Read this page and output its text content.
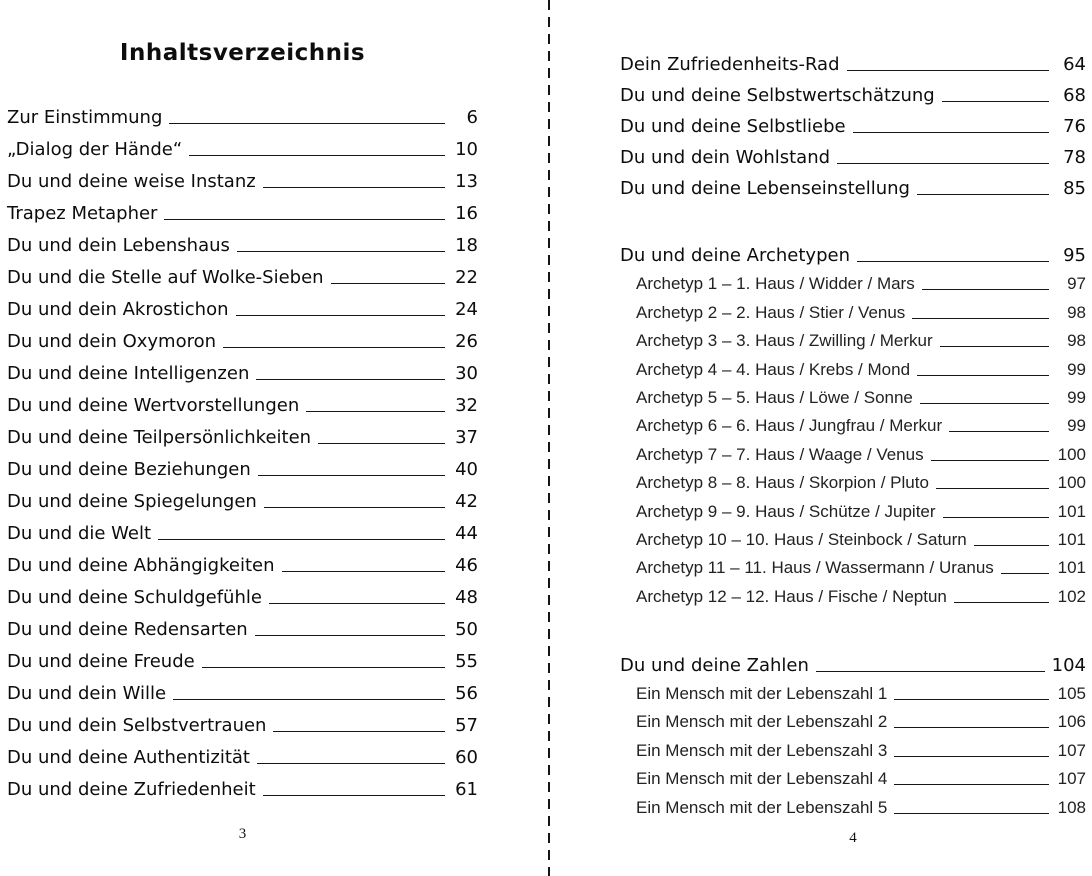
Inhaltsverzeichnis
Zur Einstimmung	6
„Dialog der Hände“	10
Du und deine weise Instanz	13
Trapez Metapher	16
Du und dein Lebenshaus	18
Du und die Stelle auf Wolke-Sieben	22
Du und dein Akrostichon	24
Du und dein Oxymoron	26
Du und deine Intelligenzen	30
Du und deine Wertvorstellungen	32
Du und deine Teilpersönlichkeiten	37
Du und deine Beziehungen	40
Du und deine Spiegelungen	42
Du und die Welt	44
Du und deine Abhängigkeiten	46
Du und deine Schuldgefühle	48
Du und deine Redensarten	50
Du und deine Freude	55
Du und dein Wille	56
Du und dein Selbstvertrauen	57
Du und deine Authentizität	60
Du und deine Zufriedenheit	61
Dein Zufriedenheits-Rad	64
Du und deine Selbstwertschätzung	68
Du und deine Selbstliebe	76
Du und dein Wohlstand	78
Du und deine Lebenseinstellung	85
Du und deine Archetypen	95
Archetyp 1 – 1. Haus / Widder / Mars	97
Archetyp 2 – 2. Haus / Stier / Venus	98
Archetyp 3 – 3. Haus / Zwilling / Merkur	98
Archetyp 4 – 4. Haus / Krebs / Mond	99
Archetyp 5 – 5. Haus / Löwe / Sonne	99
Archetyp 6 – 6. Haus / Jungfrau / Merkur	99
Archetyp 7 – 7. Haus / Waage / Venus	100
Archetyp 8 – 8. Haus / Skorpion / Pluto	100
Archetyp 9 – 9. Haus / Schütze / Jupiter	101
Archetyp 10 – 10. Haus / Steinbock / Saturn	101
Archetyp 11 – 11. Haus / Wassermann / Uranus	101
Archetyp 12 – 12. Haus / Fische / Neptun	102
Du und deine Zahlen	104
Ein Mensch mit der Lebenszahl 1	105
Ein Mensch mit der Lebenszahl 2	106
Ein Mensch mit der Lebenszahl 3	107
Ein Mensch mit der Lebenszahl 4	107
Ein Mensch mit der Lebenszahl 5	108
3	4
